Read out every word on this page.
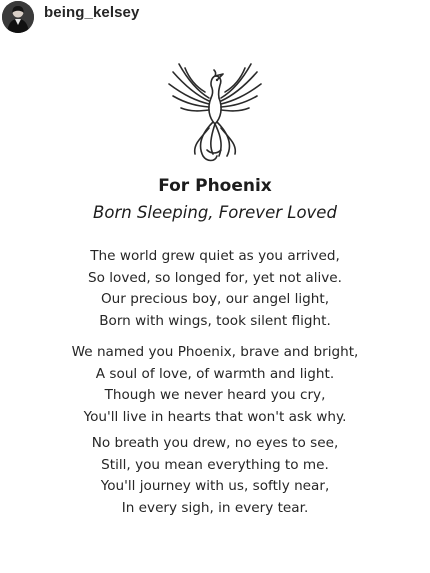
being_kelsey
For Phoenix
Born Sleeping, Forever Loved
The world grew quiet as you arrived,
So loved, so longed for, yet not alive.
Our precious boy, our angel light,
Born with wings, took silent flight.
We named you Phoenix, brave and bright,
A soul of love, of warmth and light.
Though we never heard you cry,
You'll live in hearts that won't ask why.
No breath you drew, no eyes to see,
Still, you mean everything to me.
You'll journey with us, softly near,
In every sigh, in every tear.
